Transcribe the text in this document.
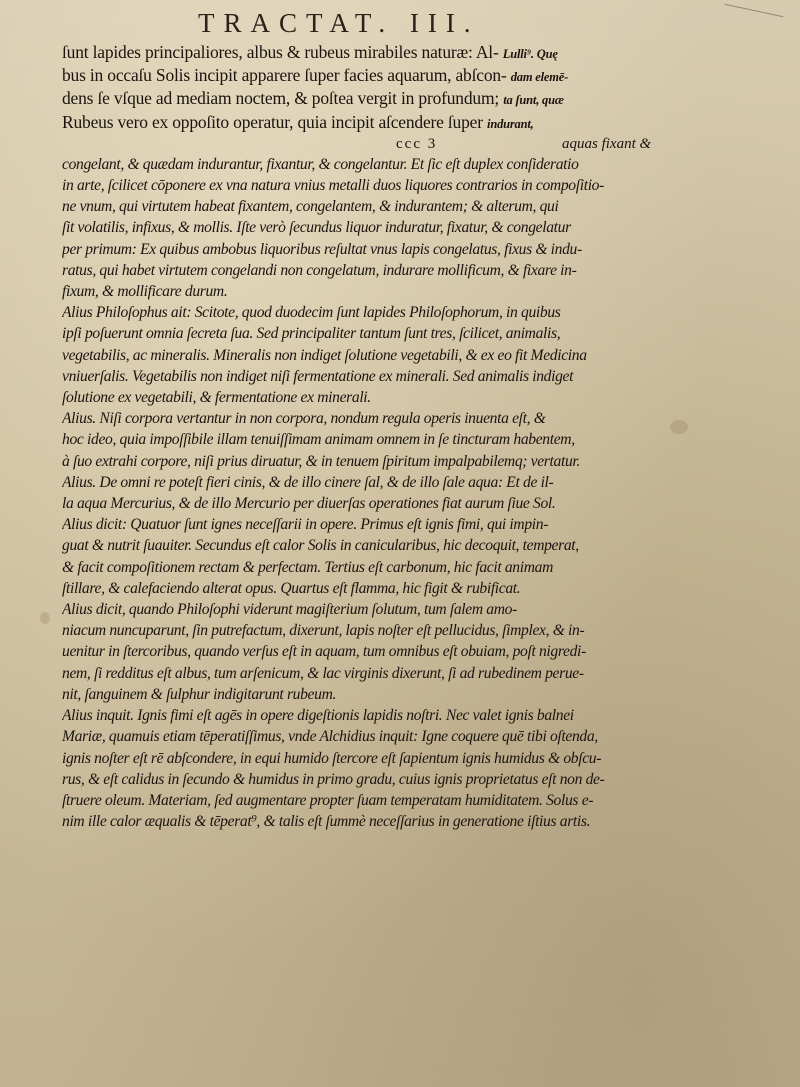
TRACTAT. III.
ſunt lapides principaliores, albus & rubeus mirabiles naturæ: Al- Lulli⁹. Quę
bus in occaſu Solis incipit apparere ſuper facies aquarum, abſcon- dam elemē-
dens ſe vſque ad mediam noctem, & poſtea vergit in profundum; ta ſunt, quæ
Rubeus vero ex oppoſito operatur, quia incipit aſcendere ſuper indurant,
ccc 3	aquas fixant &
congelant, & quædam indurantur, fixantur, & congelantur. Et ſic eſt duplex conſideratio
in arte, ſcilicet cōponere ex vna natura vnius metalli duos liquores contrarios in compoſitio-
ne vnum, qui virtutem habeat fixantem, congelantem, & indurantem; & alterum, qui
ſit volatilis, infixus, & mollis. Iſte verò ſecundus liquor induratur, fixatur, & congelatur
per primum: Ex quibus ambobus liquoribus reſultat vnus lapis congelatus, fixus & indu-
ratus, qui habet virtutem congelandi non congelatum, indurare mollificum, & fixare in-
fixum, & mollificare durum.
Alius Philoſophus ait: Scitote, quod duodecim ſunt lapides Philoſophorum, in quibus
ipſi poſuerunt omnia ſecreta ſua. Sed principaliter tantum ſunt tres, ſcilicet, animalis,
vegetabilis, ac mineralis. Mineralis non indiget ſolutione vegetabili, & ex eo fit Medicina
vniuerſalis. Vegetabilis non indiget niſi fermentatione ex minerali. Sed animalis indiget
ſolutione ex vegetabili, & fermentatione ex minerali.
Alius. Niſi corpora vertantur in non corpora, nondum regula operis inuenta eſt, &
hoc ideo, quia impoſſibile illam tenuiſſimam animam omnem in ſe tincturam habentem,
à ſuo extrahi corpore, niſi prius diruatur, & in tenuem ſpiritum impalpabilemq; vertatur.
Alius. De omni re poteſt fieri cinis, & de illo cinere ſal, & de illo ſale aqua: Et de il-
la aqua Mercurius, & de illo Mercurio per diuerſas operationes fiat aurum ſiue Sol.
Alius dicit: Quatuor ſunt ignes neceſſarii in opere. Primus eſt ignis fimi, qui impin-
guat & nutrit ſuauiter. Secundus eſt calor Solis in canicularibus, hic decoquit, temperat,
& facit compoſitionem rectam & perfectam. Tertius eſt carbonum, hic facit animam
ſtillare, & calefaciendo alterat opus. Quartus eſt flamma, hic figit & rubificat.
Alius dicit, quando Philoſophi viderunt magiſterium ſolutum, tum ſalem amo-
niacum nuncuparunt, ſin putrefactum, dixerunt, lapis noſter eſt pellucidus, ſimplex, & in-
uenitur in ſtercoribus, quando verſus eſt in aquam, tum omnibus eſt obuiam, poſt nigredi-
nem, ſi redditus eſt albus, tum arſenicum, & lac virginis dixerunt, ſi ad rubedinem perue-
nit, ſanguinem & ſulphur indigitarunt rubeum.
Alius inquit. Ignis fimi eſt agēs in opere digeſtionis lapidis noſtri. Nec valet ignis balnei
Mariæ, quamuis etiam tēperatiſſimus, vnde Alchidius inquit: Igne coquere quē tibi oſtenda,
ignis noſter eſt rē abſcondere, in equi humido ſtercore eſt ſapientum ignis humidus & obſcu-
rus, & eſt calidus in ſecundo & humidus in primo gradu, cuius ignis proprietatus eſt non de-
ſtruere oleum. Materiam, ſed augmentare propter ſuam temperatam humiditatem. Solus e-
nim ille calor æqualis & tēperat⁹, & talis eſt ſummè neceſſarius in generatione iſtius artis.
